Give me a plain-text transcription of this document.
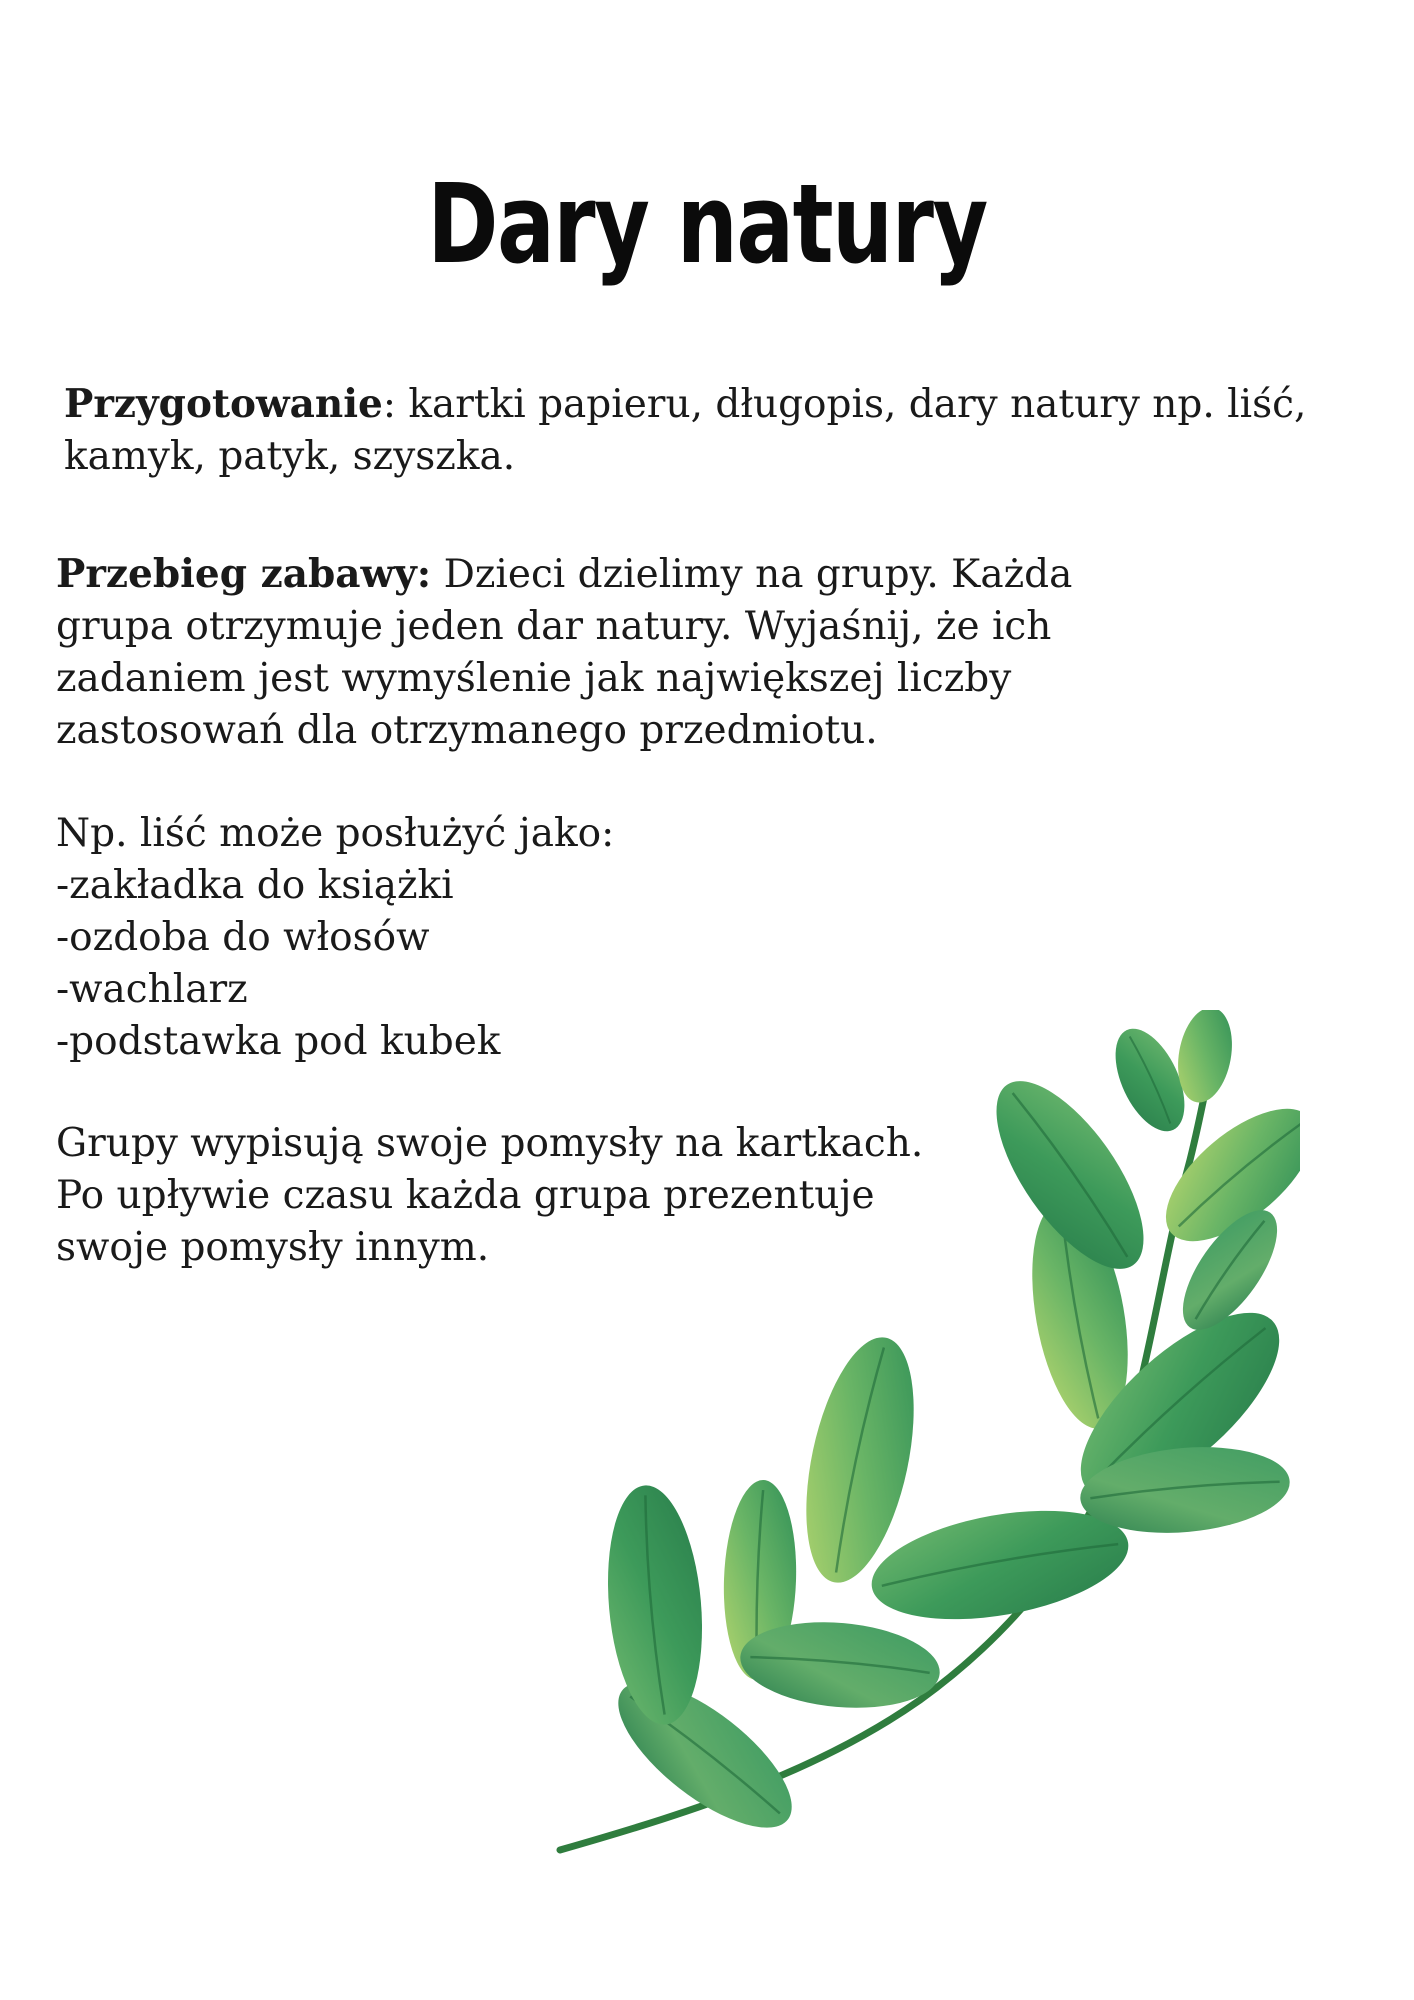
Dary natury

Przygotowanie: kartki papieru, długopis, dary natury np. liść, kamyk, patyk, szyszka.

Przebieg zabawy: Dzieci dzielimy na grupy. Każda
grupa otrzymuje jeden dar natury. Wyjaśnij, że ich
zadaniem jest wymyślenie jak największej liczby
zastosowań dla otrzymanego przedmiotu.

Np. liść może posłużyć jako:
-zakładka do książki
-ozdoba do włosów
-wachlarz
-podstawka pod kubek

Grupy wypisują swoje pomysły na kartkach.
Po upływie czasu każda grupa prezentuje
swoje pomysły innym.
